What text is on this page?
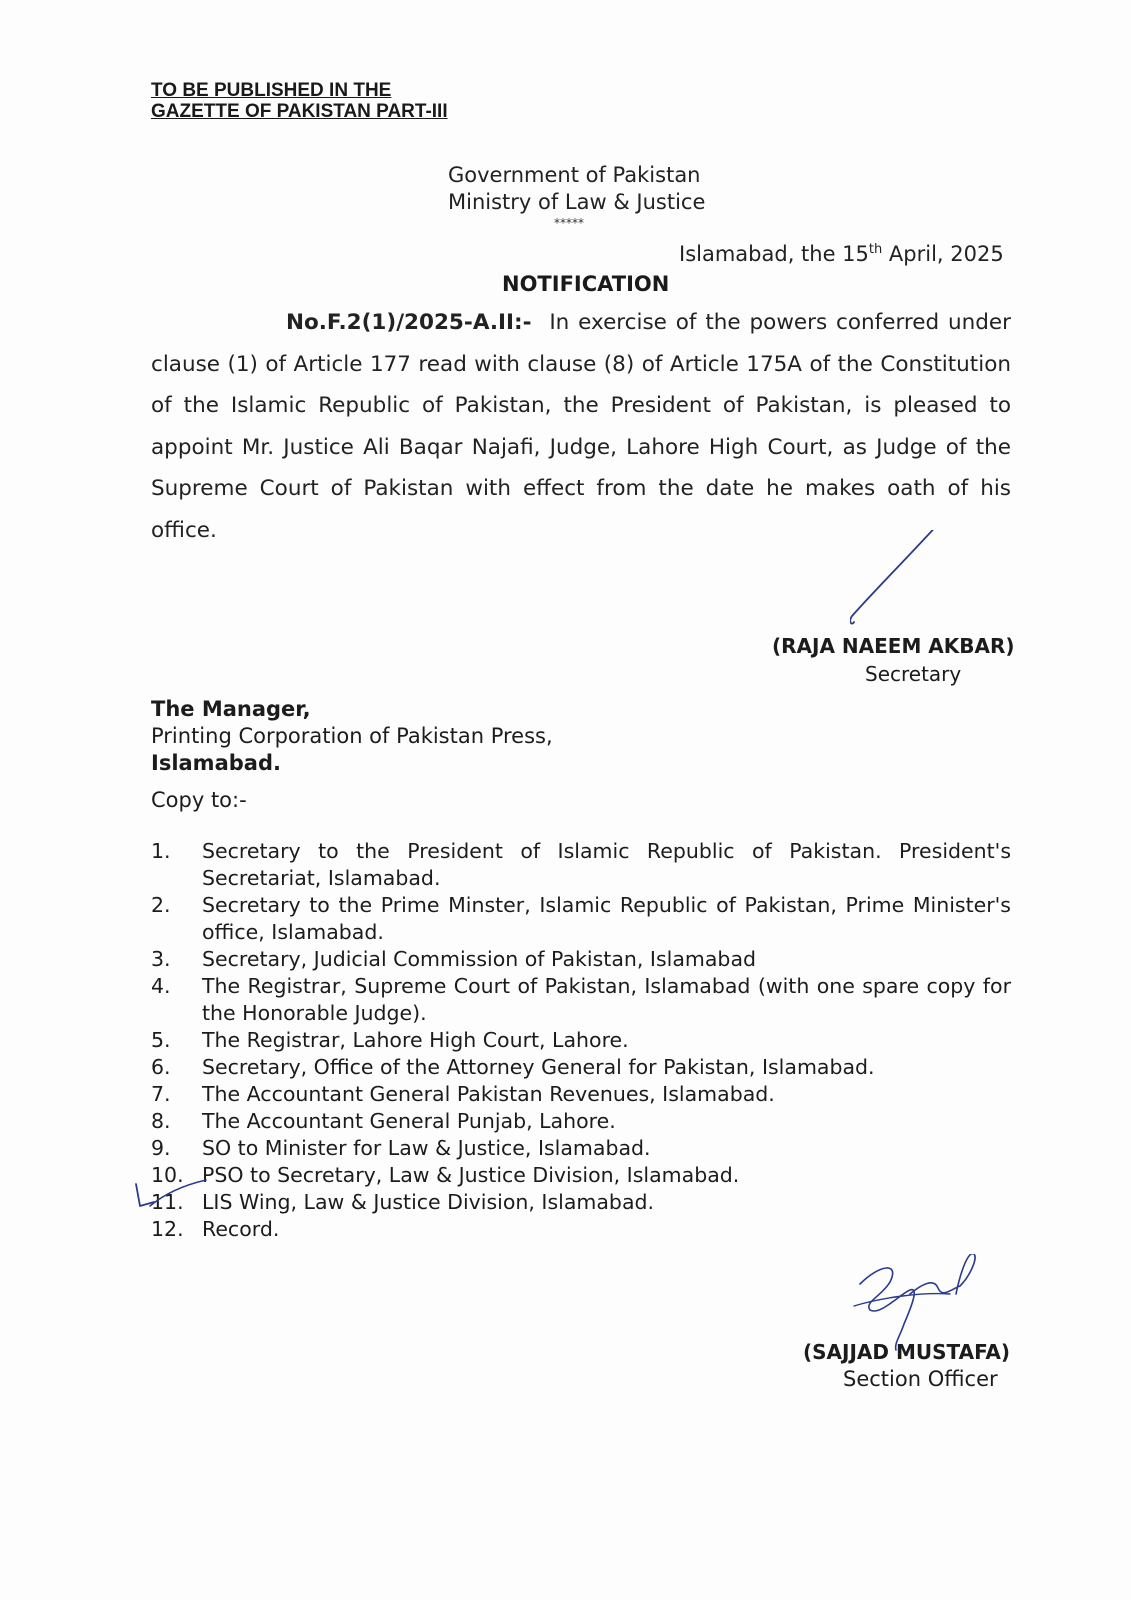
TO BE PUBLISHED IN THE
GAZETTE OF PAKISTAN PART-III
Government of Pakistan
Ministry of Law & Justice
*****
Islamabad, the 15th April, 2025
NOTIFICATION
No.F.2(1)/2025-A.II:- In exercise of the powers conferred under clause (1) of Article 177 read with clause (8) of Article 175A of the Constitution of the Islamic Republic of Pakistan, the President of Pakistan, is pleased to appoint Mr. Justice Ali Baqar Najafi, Judge, Lahore High Court, as Judge of the Supreme Court of Pakistan with effect from the date he makes oath of his office.
(RAJA NAEEM AKBAR)
Secretary
The Manager,
Printing Corporation of Pakistan Press,
Islamabad.
Copy to:-
1.	Secretary to the President of Islamic Republic of Pakistan. President's Secretariat, Islamabad.
2.	Secretary to the Prime Minster, Islamic Republic of Pakistan, Prime Minister's office, Islamabad.
3.	Secretary, Judicial Commission of Pakistan, Islamabad
4.	The Registrar, Supreme Court of Pakistan, Islamabad (with one spare copy for the Honorable Judge).
5.	The Registrar, Lahore High Court, Lahore.
6.	Secretary, Office of the Attorney General for Pakistan, Islamabad.
7.	The Accountant General Pakistan Revenues, Islamabad.
8.	The Accountant General Punjab, Lahore.
9.	SO to Minister for Law & Justice, Islamabad.
10. PSO to Secretary, Law & Justice Division, Islamabad.
11. LIS Wing, Law & Justice Division, Islamabad.
12. Record.
(SAJJAD MUSTAFA)
Section Officer
